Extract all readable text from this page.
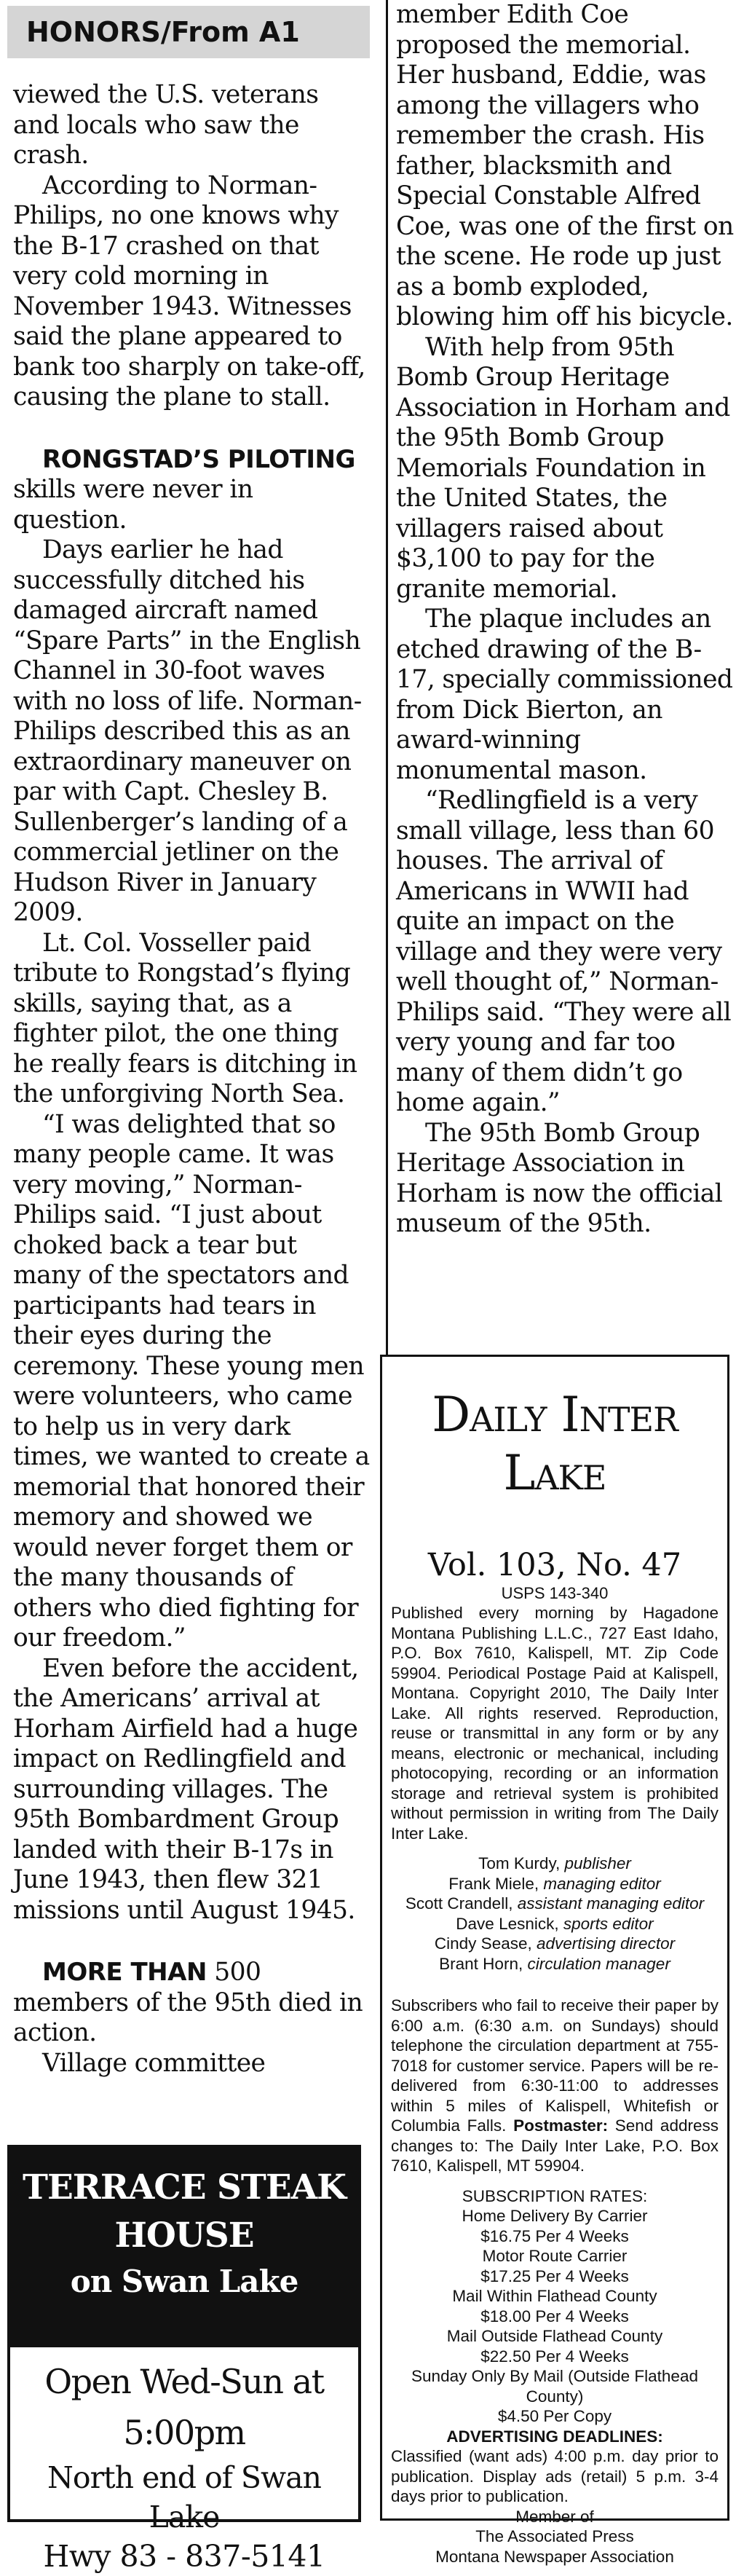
HONORS/From A1

viewed the U.S. veterans and locals who saw the crash.

According to Norman-Philips, no one knows why the B-17 crashed on that very cold morning in November 1943. Witnesses said the plane appeared to bank too sharply on take-off, causing the plane to stall.

RONGSTAD’S PILOTING skills were never in question.

Days earlier he had successfully ditched his damaged aircraft named “Spare Parts” in the English Channel in 30-foot waves with no loss of life. Norman-Philips described this as an extraordinary maneuver on par with Capt. Chesley B. Sullenberger’s landing of a commercial jetliner on the Hudson River in January 2009.

Lt. Col. Vosseller paid tribute to Rongstad’s flying skills, saying that, as a fighter pilot, the one thing he really fears is ditching in the unforgiving North Sea.

“I was delighted that so many people came. It was very moving,” Norman-Philips said. “I just about choked back a tear but many of the spectators and participants had tears in their eyes during the ceremony. These young men were volunteers, who came to help us in very dark times, we wanted to create a memorial that honored their memory and showed we would never forget them or the many thousands of others who died fighting for our freedom.”

Even before the accident, the Americans’ arrival at Horham Airfield had a huge impact on Redlingfield and surrounding villages. The 95th Bombardment Group landed with their B-17s in June 1943, then flew 321 missions until August 1945.

MORE THAN 500 members of the 95th died in action.

Village committee

TERRACE STEAK HOUSE
on Swan Lake
Open Wed-Sun at 5:00pm
North end of Swan Lake
Hwy 83 - 837-5141

member Edith Coe proposed the memorial. Her husband, Eddie, was among the villagers who remember the crash. His father, blacksmith and Special Constable Alfred Coe, was one of the first on the scene. He rode up just as a bomb exploded, blowing him off his bicycle.

With help from 95th Bomb Group Heritage Association in Horham and the 95th Bomb Group Memorials Foundation in the United States, the villagers raised about $3,100 to pay for the granite memorial.

The plaque includes an etched drawing of the B-17, specially commissioned from Dick Bierton, an award-winning monumental mason.

“Redlingfield is a very small village, less than 60 houses. The arrival of Americans in WWII had quite an impact on the village and they were very well thought of,” Norman-Philips said. “They were all very young and far too many of them didn’t go home again.”

The 95th Bomb Group Heritage Association in Horham is now the official museum of the 95th.

Daily Inter Lake
Vol. 103, No. 47
USPS 143-340
Published every morning by Hagadone Montana Publishing L.L.C., 727 East Idaho, P.O. Box 7610, Kalispell, MT. Zip Code 59904. Periodical Postage Paid at Kalispell, Montana. Copyright 2010, The Daily Inter Lake. All rights reserved. Reproduction, reuse or transmittal in any form or by any means, electronic or mechanical, including photocopying, recording or an information storage and retrieval system is prohibited without permission in writing from The Daily Inter Lake.
Tom Kurdy, publisher
Frank Miele, managing editor
Scott Crandell, assistant managing editor
Dave Lesnick, sports editor
Cindy Sease, advertising director
Brant Horn, circulation manager
Subscribers who fail to receive their paper by 6:00 a.m. (6:30 a.m. on Sundays) should telephone the circulation department at 755-7018 for customer service. Papers will be re-delivered from 6:30-11:00 to addresses within 5 miles of Kalispell, Whitefish or Columbia Falls. Postmaster: Send address changes to: The Daily Inter Lake, P.O. Box 7610, Kalispell, MT 59904.
SUBSCRIPTION RATES:
Home Delivery By Carrier
$16.75 Per 4 Weeks
Motor Route Carrier
$17.25 Per 4 Weeks
Mail Within Flathead County
$18.00 Per 4 Weeks
Mail Outside Flathead County
$22.50 Per 4 Weeks
Sunday Only By Mail (Outside Flathead County)
$4.50 Per Copy
ADVERTISING DEADLINES:
Classified (want ads) 4:00 p.m. day prior to publication. Display ads (retail) 5 p.m. 3-4 days prior to publication.
Member of
The Associated Press
Montana Newspaper Association
